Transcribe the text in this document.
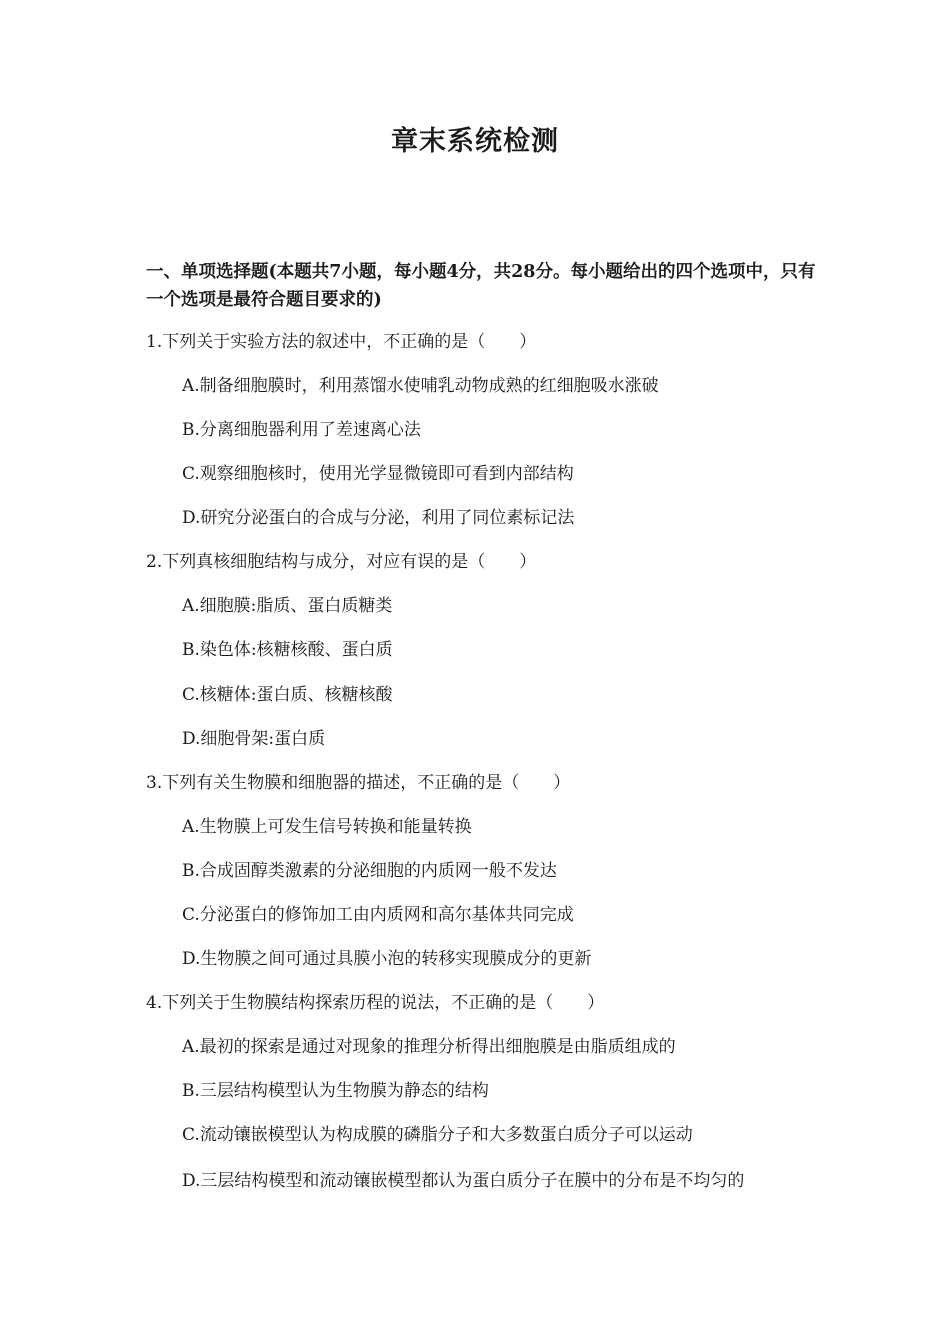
章末系统检测
一、单项选择题(本题共7小题，每小题4分，共28分。每小题给出的四个选项中，只有一个选项是最符合题目要求的)
1.下列关于实验方法的叙述中，不正确的是（　　）
A.制备细胞膜时，利用蒸馏水使哺乳动物成熟的红细胞吸水涨破
B.分离细胞器利用了差速离心法
C.观察细胞核时，使用光学显微镜即可看到内部结构
D.研究分泌蛋白的合成与分泌，利用了同位素标记法
2.下列真核细胞结构与成分，对应有误的是（　　）
A.细胞膜:脂质、蛋白质糖类
B.染色体:核糖核酸、蛋白质
C.核糖体:蛋白质、核糖核酸
D.细胞骨架:蛋白质
3.下列有关生物膜和细胞器的描述，不正确的是（　　）
A.生物膜上可发生信号转换和能量转换
B.合成固醇类激素的分泌细胞的内质网一般不发达
C.分泌蛋白的修饰加工由内质网和高尔基体共同完成
D.生物膜之间可通过具膜小泡的转移实现膜成分的更新
4.下列关于生物膜结构探索历程的说法，不正确的是（　　）
A.最初的探索是通过对现象的推理分析得出细胞膜是由脂质组成的
B.三层结构模型认为生物膜为静态的结构
C.流动镶嵌模型认为构成膜的磷脂分子和大多数蛋白质分子可以运动
D.三层结构模型和流动镶嵌模型都认为蛋白质分子在膜中的分布是不均匀的
